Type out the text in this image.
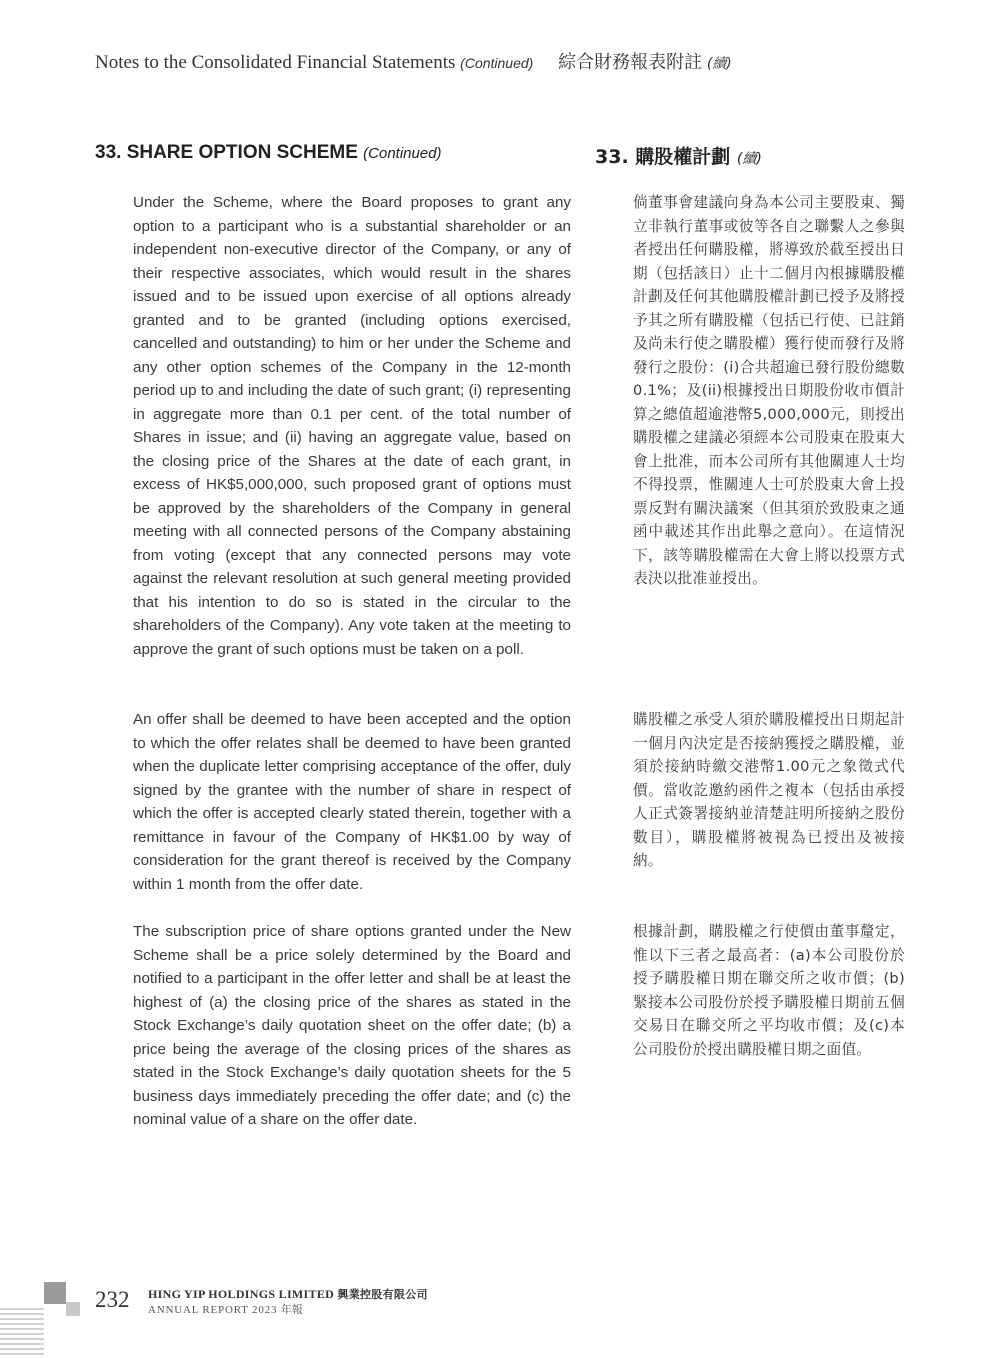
Notes to the Consolidated Financial Statements (Continued) 綜合財務報表附註 (續)
33. SHARE OPTION SCHEME (Continued)	33. 購股權計劃 (續)

Under the Scheme, where the Board proposes to grant any option to a participant who is a substantial shareholder or an independent non-executive director of the Company, or any of their respective associates, which would result in the shares issued and to be issued upon exercise of all options already granted and to be granted (including options exercised, cancelled and outstanding) to him or her under the Scheme and any other option schemes of the Company in the 12-month period up to and including the date of such grant; (i) representing in aggregate more than 0.1 per cent. of the total number of Shares in issue; and (ii) having an aggregate value, based on the closing price of the Shares at the date of each grant, in excess of HK$5,000,000, such proposed grant of options must be approved by the shareholders of the Company in general meeting with all connected persons of the Company abstaining from voting (except that any connected persons may vote against the relevant resolution at such general meeting provided that his intention to do so is stated in the circular to the shareholders of the Company). Any vote taken at the meeting to approve the grant of such options must be taken on a poll.

An offer shall be deemed to have been accepted and the option to which the offer relates shall be deemed to have been granted when the duplicate letter comprising acceptance of the offer, duly signed by the grantee with the number of share in respect of which the offer is accepted clearly stated therein, together with a remittance in favour of the Company of HK$1.00 by way of consideration for the grant thereof is received by the Company within 1 month from the offer date.

The subscription price of share options granted under the New Scheme shall be a price solely determined by the Board and notified to a participant in the offer letter and shall be at least the highest of (a) the closing price of the shares as stated in the Stock Exchange’s daily quotation sheet on the offer date; (b) a price being the average of the closing prices of the shares as stated in the Stock Exchange’s daily quotation sheets for the 5 business days immediately preceding the offer date; and (c) the nominal value of a share on the offer date.

倘董事會建議向身為本公司主要股東、獨立非執行董事或彼等各自之聯繫人之參與者授出任何購股權，將導致於截至授出日期（包括該日）止十二個月內根據購股權計劃及任何其他購股權計劃已授予及將授予其之所有購股權（包括已行使、已註銷及尚未行使之購股權）獲行使而發行及將發行之股份：(i)合共超逾已發行股份總數0.1%；及(ii)根據授出日期股份收市價計算之總值超逾港幣5,000,000元，則授出購股權之建議必須經本公司股東在股東大會上批准，而本公司所有其他關連人士均不得投票，惟關連人士可於股東大會上投票反對有關決議案（但其須於致股東之通函中載述其作出此舉之意向）。在這情況下，該等購股權需在大會上將以投票方式表決以批准並授出。

購股權之承受人須於購股權授出日期起計一個月內決定是否接納獲授之購股權，並須於接納時繳交港幣1.00元之象徵式代價。當收訖邀約函件之複本（包括由承授人正式簽署接納並清楚註明所接納之股份數目），購股權將被視為已授出及被接納。

根據計劃，購股權之行使價由董事釐定，惟以下三者之最高者：(a)本公司股份於授予購股權日期在聯交所之收市價；(b)緊接本公司股份於授予購股權日期前五個交易日在聯交所之平均收市價；及(c)本公司股份於授出購股權日期之面值。

232 HING YIP HOLDINGS LIMITED 興業控股有限公司
ANNUAL REPORT 2023 年報
